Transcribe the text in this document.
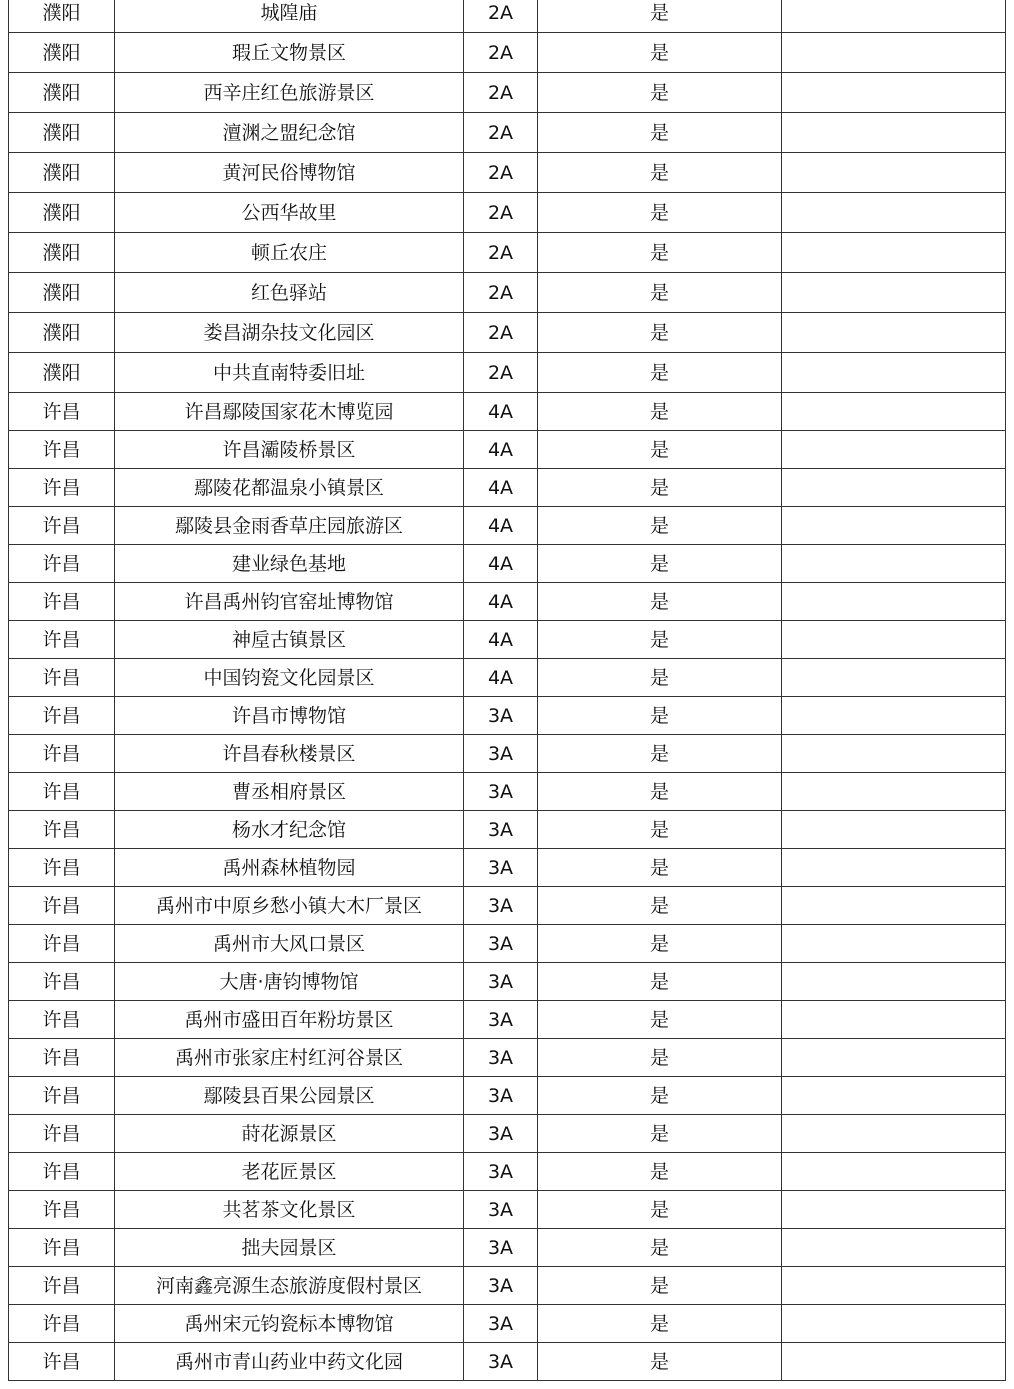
濮阳	城隍庙	2A	是	
濮阳	瑕丘文物景区	2A	是	
濮阳	西辛庄红色旅游景区	2A	是	
濮阳	澶渊之盟纪念馆	2A	是	
濮阳	黄河民俗博物馆	2A	是	
濮阳	公西华故里	2A	是	
濮阳	顿丘农庄	2A	是	
濮阳	红色驿站	2A	是	
濮阳	娄昌湖杂技文化园区	2A	是	
濮阳	中共直南特委旧址	2A	是	
许昌	许昌鄢陵国家花木博览园	4A	是	
许昌	许昌灞陵桥景区	4A	是	
许昌	鄢陵花都温泉小镇景区	4A	是	
许昌	鄢陵县金雨香草庄园旅游区	4A	是	
许昌	建业绿色基地	4A	是	
许昌	许昌禹州钧官窑址博物馆	4A	是	
许昌	神垕古镇景区	4A	是	
许昌	中国钧瓷文化园景区	4A	是	
许昌	许昌市博物馆	3A	是	
许昌	许昌春秋楼景区	3A	是	
许昌	曹丞相府景区	3A	是	
许昌	杨水才纪念馆	3A	是	
许昌	禹州森林植物园	3A	是	
许昌	禹州市中原乡愁小镇大木厂景区	3A	是	
许昌	禹州市大风口景区	3A	是	
许昌	大唐·唐钧博物馆	3A	是	
许昌	禹州市盛田百年粉坊景区	3A	是	
许昌	禹州市张家庄村红河谷景区	3A	是	
许昌	鄢陵县百果公园景区	3A	是	
许昌	莳花源景区	3A	是	
许昌	老花匠景区	3A	是	
许昌	共茗茶文化景区	3A	是	
许昌	拙夫园景区	3A	是	
许昌	河南鑫亮源生态旅游度假村景区	3A	是	
许昌	禹州宋元钧瓷标本博物馆	3A	是	
许昌	禹州市青山药业中药文化园	3A	是	
